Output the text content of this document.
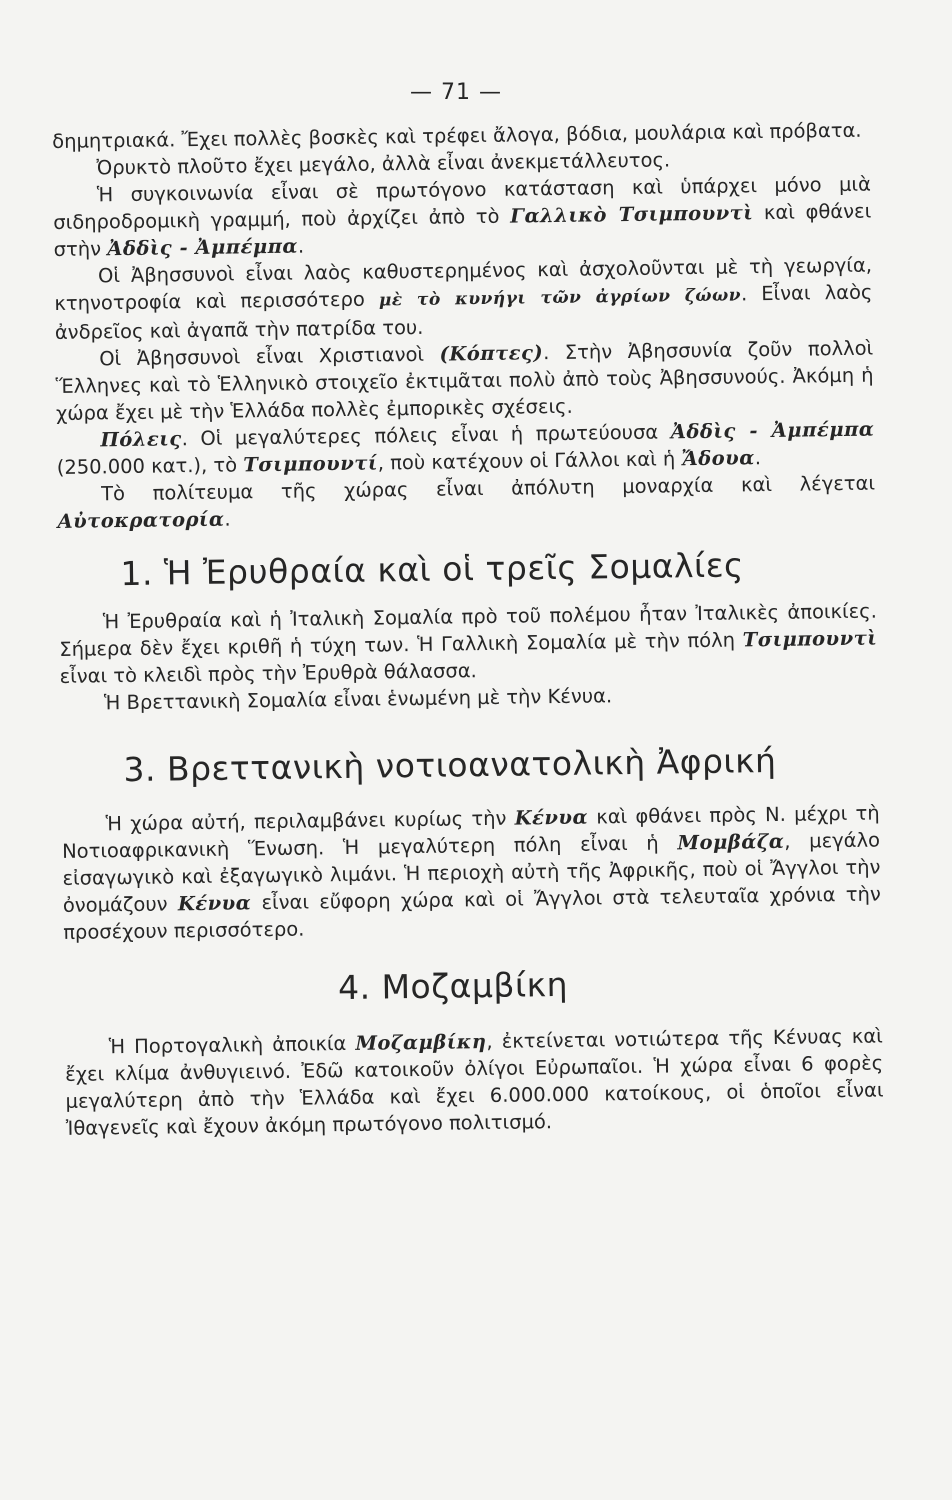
— 71 —

δημητριακά. Ἔχει πολλὲς βοσκὲς καὶ τρέφει ἄλογα, βόδια, μουλάρια καὶ πρόβατα.

Ὀρυκτὸ πλοῦτο ἔχει μεγάλο, ἀλλὰ εἶναι ἀνεκμετάλλευτος.

Ἡ συγκοινωνία εἶναι σὲ πρωτόγονο κατάσταση καὶ ὑπάρχει μόνο μιὰ σιδηροδρομικὴ γραμμή, ποὺ ἀρχίζει ἀπὸ τὸ Γαλλικὸ Τσιμπουντὶ καὶ φθάνει στὴν Ἀδδὶς - Ἀμπέμπα.

Οἱ Ἀβησσυνοὶ εἶναι λαὸς καθυστερημένος καὶ ἀσχολοῦνται μὲ τὴ γεωργία, κτηνοτροφία καὶ περισσότερο μὲ τὸ κυνήγι τῶν ἀγρίων ζώων. Εἶναι λαὸς ἀνδρεῖος καὶ ἀγαπᾶ τὴν πατρίδα του.

Οἱ Ἀβησσυνοὶ εἶναι Χριστιανοὶ (Κόπτες). Στὴν Ἀβησσυνία ζοῦν πολλοὶ Ἕλληνες καὶ τὸ Ἑλληνικὸ στοιχεῖο ἐκτιμᾶται πολὺ ἀπὸ τοὺς Ἀβησσυνούς. Ἀκόμη ἡ χώρα ἔχει μὲ τὴν Ἑλλάδα πολλὲς ἐμπορικὲς σχέσεις.

Πόλεις. Οἱ μεγαλύτερες πόλεις εἶναι ἡ πρωτεύουσα Ἀδδὶς - Ἀμπέμπα (250.000 κατ.), τὸ Τσιμπουντί, ποὺ κατέχουν οἱ Γάλλοι καὶ ἡ Ἄδουα.

Τὸ πολίτευμα τῆς χώρας εἶναι ἀπόλυτη μοναρχία καὶ λέγεται Αὐτοκρατορία.

1. Ἡ Ἐρυθραία καὶ οἱ τρεῖς Σομαλίες

Ἡ Ἐρυθραία καὶ ἡ Ἰταλικὴ Σομαλία πρὸ τοῦ πολέμου ἦταν Ἰταλικὲς ἀποικίες. Σήμερα δὲν ἔχει κριθῆ ἡ τύχη των. Ἡ Γαλλικὴ Σομαλία μὲ τὴν πόλη Τσιμπουντὶ εἶναι τὸ κλειδὶ πρὸς τὴν Ἐρυθρὰ θάλασσα.

Ἡ Βρεττανικὴ Σομαλία εἶναι ἑνωμένη μὲ τὴν Κένυα.

3. Βρεττανικὴ νοτιοανατολικὴ Ἀφρική

Ἡ χώρα αὐτή, περιλαμβάνει κυρίως τὴν Κένυα καὶ φθάνει πρὸς Ν. μέχρι τὴ Νοτιοαφρικανικὴ Ἕνωση. Ἡ μεγαλύτερη πόλη εἶναι ἡ Μομβάζα, μεγάλο εἰσαγωγικὸ καὶ ἐξαγωγικὸ λιμάνι. Ἡ περιοχὴ αὐτὴ τῆς Ἀφρικῆς, ποὺ οἱ Ἄγγλοι τὴν ὀνομάζουν Κένυα εἶναι εὔφορη χώρα καὶ οἱ Ἄγγλοι στὰ τελευταῖα χρόνια τὴν προσέχουν περισσότερο.

4. Μοζαμβίκη

Ἡ Πορτογαλικὴ ἀποικία Μοζαμβίκη, ἐκτείνεται νοτιώτερα τῆς Κένυας καὶ ἔχει κλίμα ἀνθυγιεινό. Ἐδῶ κατοικοῦν ὀλίγοι Εὐρωπαῖοι. Ἡ χώρα εἶναι 6 φορὲς μεγαλύτερη ἀπὸ τὴν Ἑλλάδα καὶ ἔχει 6.000.000 κατοίκους, οἱ ὁποῖοι εἶναι Ἰθαγενεῖς καὶ ἔχουν ἀκόμη πρωτόγονο πολιτισμό.
